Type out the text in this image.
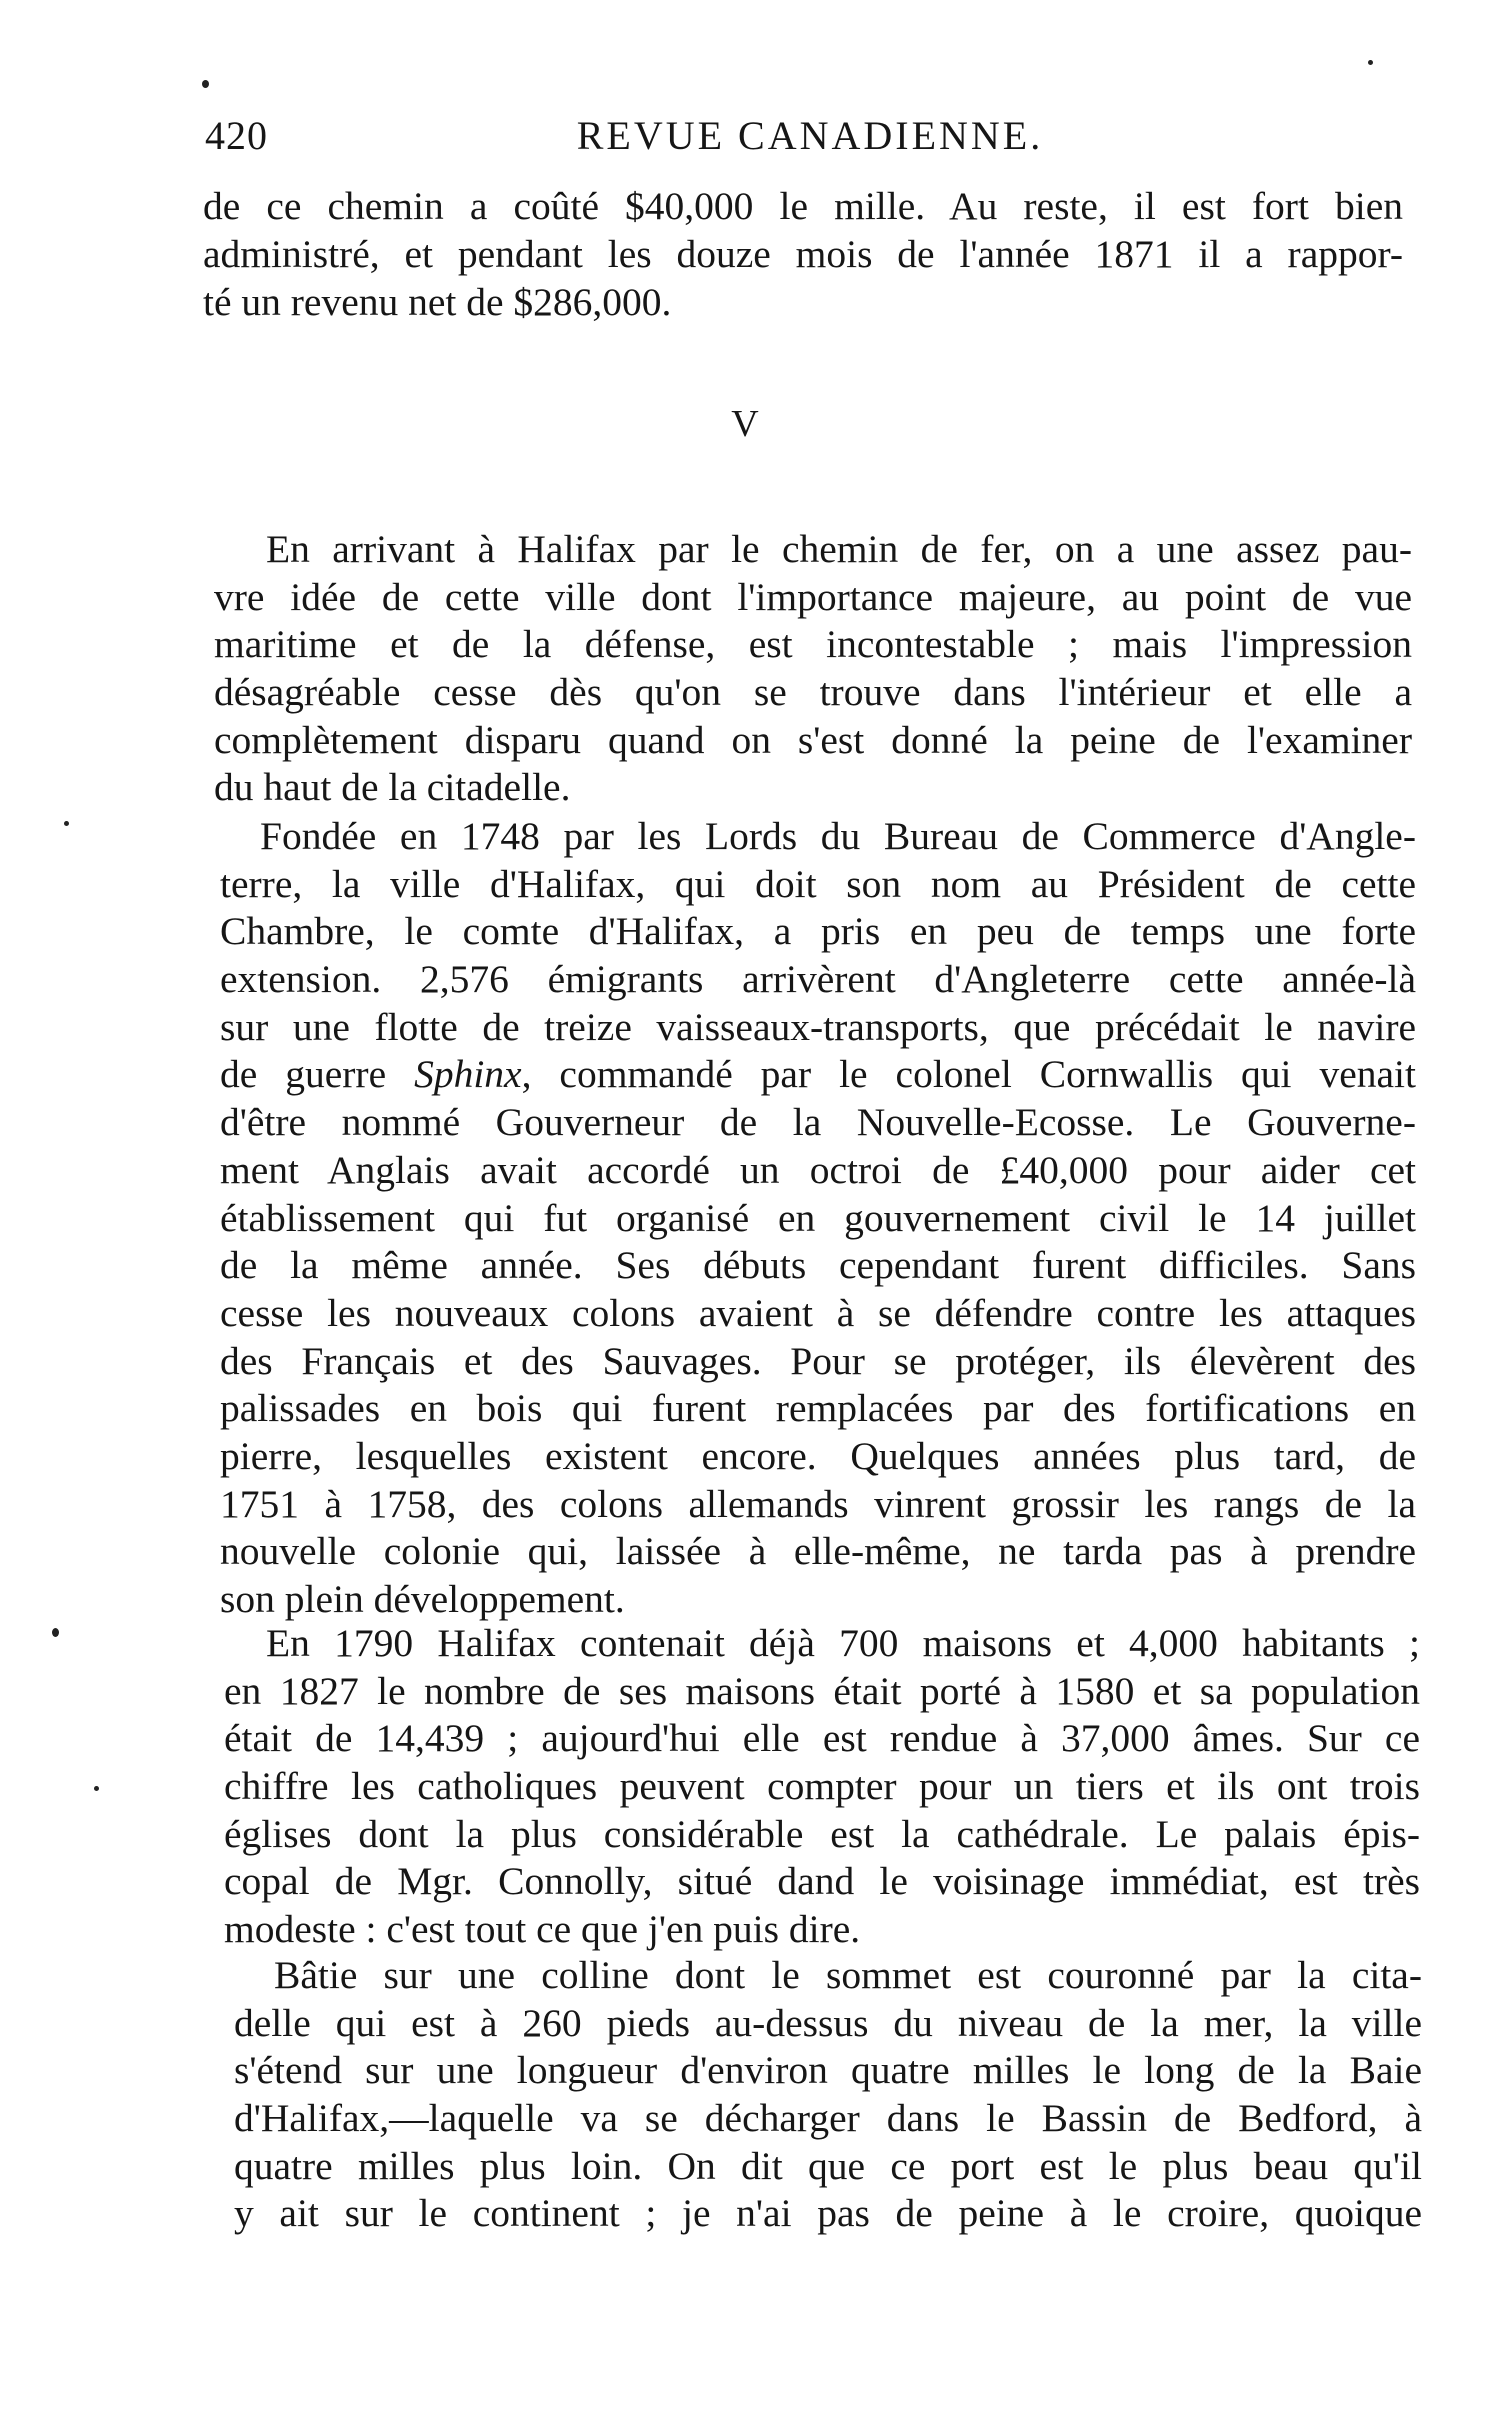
420	REVUE CANADIENNE.
de ce chemin a coûté $40,000 le mille. Au reste, il est fort bien
administré, et pendant les douze mois de l'année 1871 il a rappor-
té un revenu net de $286,000.
V
En arrivant à Halifax par le chemin de fer, on a une assez pau-
vre idée de cette ville dont l'importance majeure, au point de vue
maritime et de la défense, est incontestable ; mais l'impression
désagréable cesse dès qu'on se trouve dans l'intérieur et elle a
complètement disparu quand on s'est donné la peine de l'examiner
du haut de la citadelle.
Fondée en 1748 par les Lords du Bureau de Commerce d'Angle-
terre, la ville d'Halifax, qui doit son nom au Président de cette
Chambre, le comte d'Halifax, a pris en peu de temps une forte
extension. 2,576 émigrants arrivèrent d'Angleterre cette année-là
sur une flotte de treize vaisseaux-transports, que précédait le navire
de guerre Sphinx, commandé par le colonel Cornwallis qui venait
d'être nommé Gouverneur de la Nouvelle-Ecosse. Le Gouverne-
ment Anglais avait accordé un octroi de £40,000 pour aider cet
établissement qui fut organisé en gouvernement civil le 14 juillet
de la même année. Ses débuts cependant furent difficiles. Sans
cesse les nouveaux colons avaient à se défendre contre les attaques
des Français et des Sauvages. Pour se protéger, ils élevèrent des
palissades en bois qui furent remplacées par des fortifications en
pierre, lesquelles existent encore. Quelques années plus tard, de
1751 à 1758, des colons allemands vinrent grossir les rangs de la
nouvelle colonie qui, laissée à elle-même, ne tarda pas à prendre
son plein développement.
En 1790 Halifax contenait déjà 700 maisons et 4,000 habitants ;
en 1827 le nombre de ses maisons était porté à 1580 et sa population
était de 14,439 ; aujourd'hui elle est rendue à 37,000 âmes. Sur ce
chiffre les catholiques peuvent compter pour un tiers et ils ont trois
églises dont la plus considérable est la cathédrale. Le palais épis-
copal de Mgr. Connolly, situé dand le voisinage immédiat, est très
modeste : c'est tout ce que j'en puis dire.
Bâtie sur une colline dont le sommet est couronné par la cita-
delle qui est à 260 pieds au-dessus du niveau de la mer, la ville
s'étend sur une longueur d'environ quatre milles le long de la Baie
d'Halifax,—laquelle va se décharger dans le Bassin de Bedford, à
quatre milles plus loin. On dit que ce port est le plus beau qu'il
y ait sur le continent ; je n'ai pas de peine à le croire, quoique
